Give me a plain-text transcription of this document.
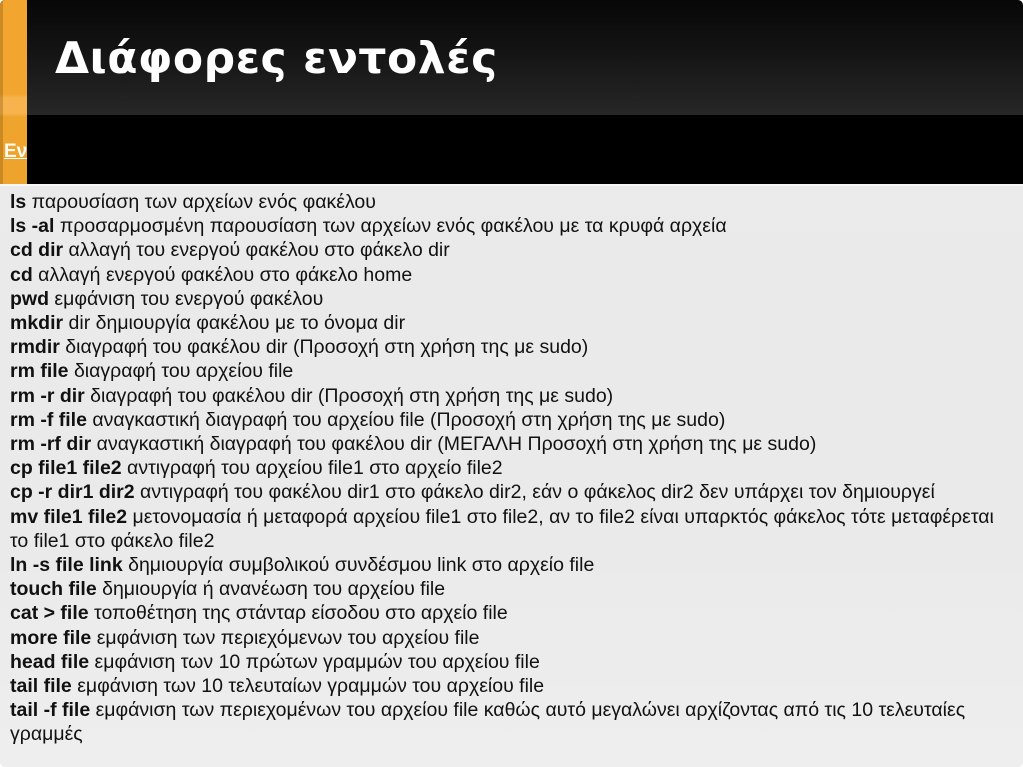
Διάφορες εντολές
Εν
ls παρουσίαση των αρχείων ενός φακέλου
ls -al προσαρμοσμένη παρουσίαση των αρχείων ενός φακέλου με τα κρυφά αρχεία
cd dir αλλαγή του ενεργού φακέλου στο φάκελο dir
cd αλλαγή ενεργού φακέλου στο φάκελο home
pwd εμφάνιση του ενεργού φακέλου
mkdir dir δημιουργία φακέλου με το όνομα dir
rmdir διαγραφή του φακέλου dir (Προσοχή στη χρήση της με sudo)
rm file διαγραφή του αρχείου file
rm -r dir διαγραφή του φακέλου dir (Προσοχή στη χρήση της με sudo)
rm -f file αναγκαστική διαγραφή του αρχείου file (Προσοχή στη χρήση της με sudo)
rm -rf dir αναγκαστική διαγραφή του φακέλου dir (ΜΕΓΑΛΗ Προσοχή στη χρήση της με sudo)
cp file1 file2 αντιγραφή του αρχείου file1 στο αρχείο file2
cp -r dir1 dir2 αντιγραφή του φακέλου dir1 στο φάκελο dir2, εάν ο φάκελος dir2 δεν υπάρχει τον δημιουργεί
mv file1 file2 μετονομασία ή μεταφορά αρχείου file1 στο file2, αν το file2 είναι υπαρκτός φάκελος τότε μεταφέρεται το file1 στο φάκελο file2
ln -s file link δημιουργία συμβολικού συνδέσμου link στο αρχείο file
touch file δημιουργία ή ανανέωση του αρχείου file
cat > file τοποθέτηση της στάνταρ είσοδου στο αρχείο file
more file εμφάνιση των περιεχόμενων του αρχείου file
head file εμφάνιση των 10 πρώτων γραμμών του αρχείου file
tail file εμφάνιση των 10 τελευταίων γραμμών του αρχείου file
tail -f file εμφάνιση των περιεχομένων του αρχείου file καθώς αυτό μεγαλώνει αρχίζοντας από τις 10 τελευταίες γραμμές
